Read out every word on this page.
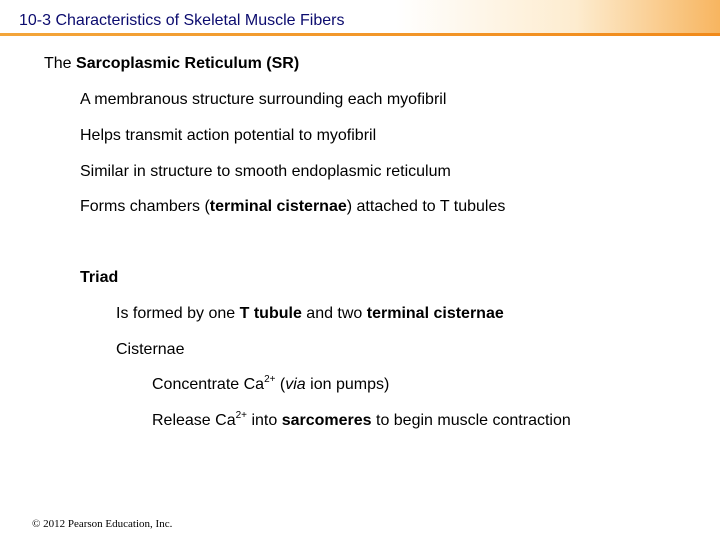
10-3 Characteristics of Skeletal Muscle Fibers
The Sarcoplasmic Reticulum (SR)
A membranous structure surrounding each myofibril
Helps transmit action potential to myofibril
Similar in structure to smooth endoplasmic reticulum
Forms chambers (terminal cisternae) attached to T tubules
Triad
Is formed by one T tubule and two terminal cisternae
Cisternae
Concentrate $Ca^{2+}$ (via ion pumps)
Release $Ca^{2+}$ into sarcomeres to begin muscle contraction
© 2012 Pearson Education, Inc.
